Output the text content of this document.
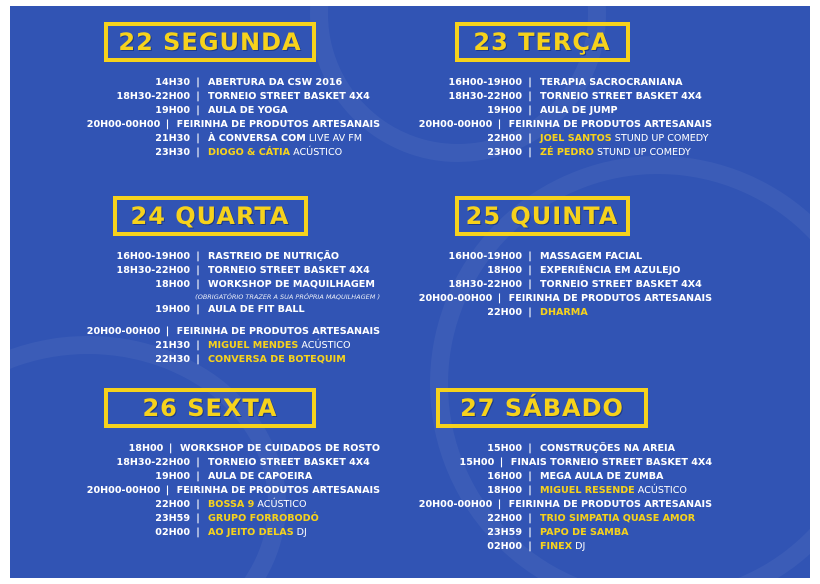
22 SEGUNDA
14H30 | ABERTURA DA CSW 2016
18H30-22H00 | TORNEIO STREET BASKET 4X4
19H00 | AULA DE YOGA
20H00-00H00 | FEIRINHA DE PRODUTOS ARTESANAIS
21H30 | À CONVERSA COM LIVE AV FM
23H30 | DIOGO & CÁTIA ACÚSTICO
23 TERÇA
16H00-19H00 | TERAPIA SACROCRANIANA
18H30-22H00 | TORNEIO STREET BASKET 4X4
19H00 | AULA DE JUMP
20H00-00H00 | FEIRINHA DE PRODUTOS ARTESANAIS
22H00 | JOEL SANTOS STUND UP COMEDY
23H00 | ZÉ PEDRO STUND UP COMEDY
24 QUARTA
16H00-19H00 | RASTREIO DE NUTRIÇÃO
18H30-22H00 | TORNEIO STREET BASKET 4X4
18H00 | WORKSHOP DE MAQUILHAGEM
(OBRIGATÓRIO TRAZER A SUA PRÓPRIA MAQUILHAGEM )
19H00 | AULA DE FIT BALL
20H00-00H00 | FEIRINHA DE PRODUTOS ARTESANAIS
21H30 | MIGUEL MENDES ACÚSTICO
22H30 | CONVERSA DE BOTEQUIM
25 QUINTA
16H00-19H00 | MASSAGEM FACIAL
18H00 | EXPERIÊNCIA EM AZULEJO
18H30-22H00 | TORNEIO STREET BASKET 4X4
20H00-00H00 | FEIRINHA DE PRODUTOS ARTESANAIS
22H00 | DHARMA
26 SEXTA
18H00 | WORKSHOP DE CUIDADOS DE ROSTO
18H30-22H00 | TORNEIO STREET BASKET 4X4
19H00 | AULA DE CAPOEIRA
20H00-00H00 | FEIRINHA DE PRODUTOS ARTESANAIS
22H00 | BOSSA 9 ACÚSTICO
23H59 | GRUPO FORROBODÓ
02H00 | AO JEITO DELAS DJ
27 SÁBADO
15H00 | CONSTRUÇÕES NA AREIA
15H00 | FINAIS TORNEIO STREET BASKET 4X4
16H00 | MEGA AULA DE ZUMBA
18H00 | MIGUEL RESENDE ACÚSTICO
20H00-00H00 | FEIRINHA DE PRODUTOS ARTESANAIS
22H00 | TRIO SIMPATIA QUASE AMOR
23H59 | PAPO DE SAMBA
02H00 | FINEX DJ
